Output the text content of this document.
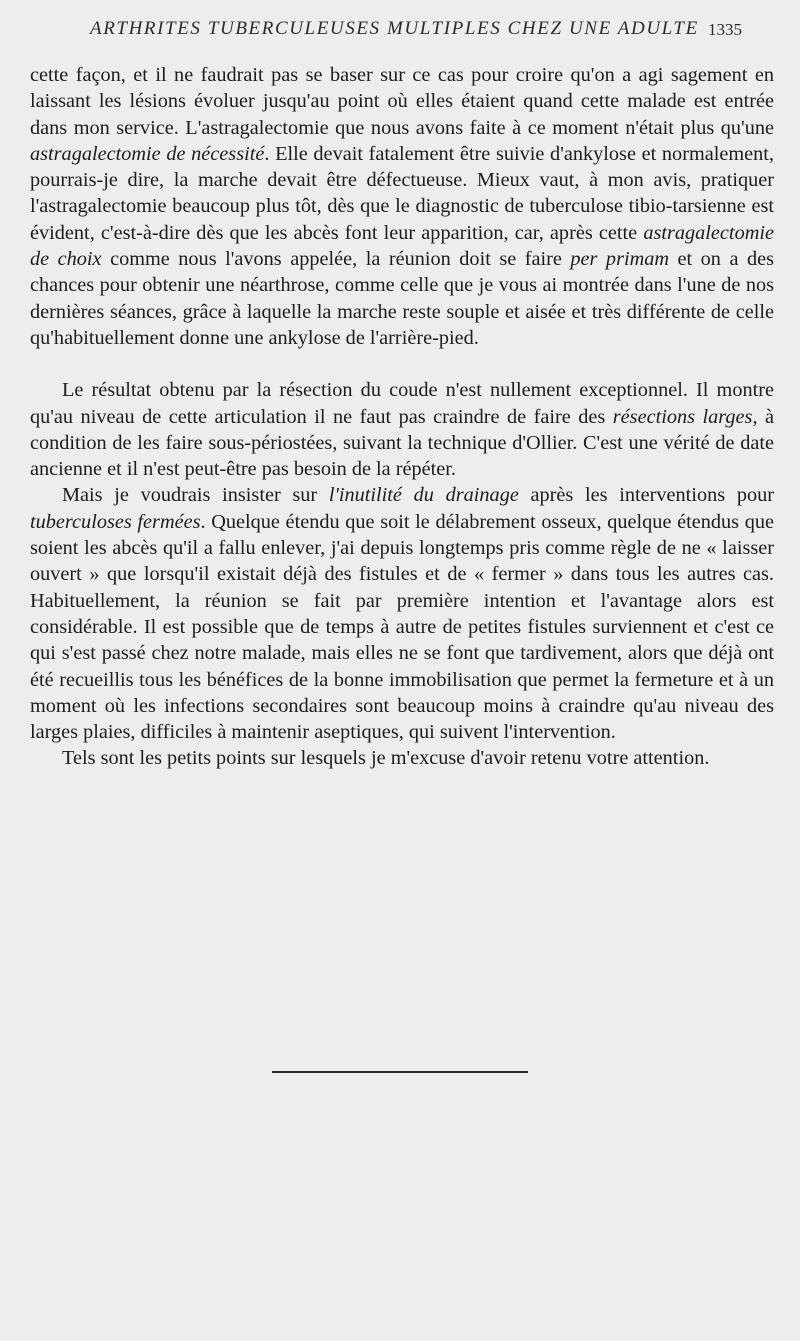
ARTHRITES TUBERCULEUSES MULTIPLES CHEZ UNE ADULTE 1335

cette façon, et il ne faudrait pas se baser sur ce cas pour croire qu'on a agi sagement en laissant les lésions évoluer jusqu'au point où elles étaient quand cette malade est entrée dans mon service. L'astragalectomie que nous avons faite à ce moment n'était plus qu'une astragalectomie de nécessité. Elle devait fatalement être suivie d'ankylose et normalement, pourrais-je dire, la marche devait être défectueuse. Mieux vaut, à mon avis, pratiquer l'astragalectomie beaucoup plus tôt, dès que le diagnostic de tuberculose tibio-tarsienne est évident, c'est-à-dire dès que les abcès font leur apparition, car, après cette astragalectomie de choix comme nous l'avons appelée, la réunion doit se faire per primam et on a des chances pour obtenir une néarthrose, comme celle que je vous ai montrée dans l'une de nos dernières séances, grâce à laquelle la marche reste souple et aisée et très différente de celle qu'habituellement donne une ankylose de l'arrière-pied.

Le résultat obtenu par la résection du coude n'est nullement exceptionnel. Il montre qu'au niveau de cette articulation il ne faut pas craindre de faire des résections larges, à condition de les faire sous-périostées, suivant la technique d'Ollier. C'est une vérité de date ancienne et il n'est peut-être pas besoin de la répéter.

Mais je voudrais insister sur l'inutilité du drainage après les interventions pour tuberculoses fermées. Quelque étendu que soit le délabrement osseux, quelque étendus que soient les abcès qu'il a fallu enlever, j'ai depuis longtemps pris comme règle de ne « laisser ouvert » que lorsqu'il existait déjà des fistules et de « fermer » dans tous les autres cas. Habituellement, la réunion se fait par première intention et l'avantage alors est considérable. Il est possible que de temps à autre de petites fistules surviennent et c'est ce qui s'est passé chez notre malade, mais elles ne se font que tardivement, alors que déjà ont été recueillis tous les bénéfices de la bonne immobilisation que permet la fermeture et à un moment où les infections secondaires sont beaucoup moins à craindre qu'au niveau des larges plaies, difficiles à maintenir aseptiques, qui suivent l'intervention.

Tels sont les petits points sur lesquels je m'excuse d'avoir retenu votre attention.
